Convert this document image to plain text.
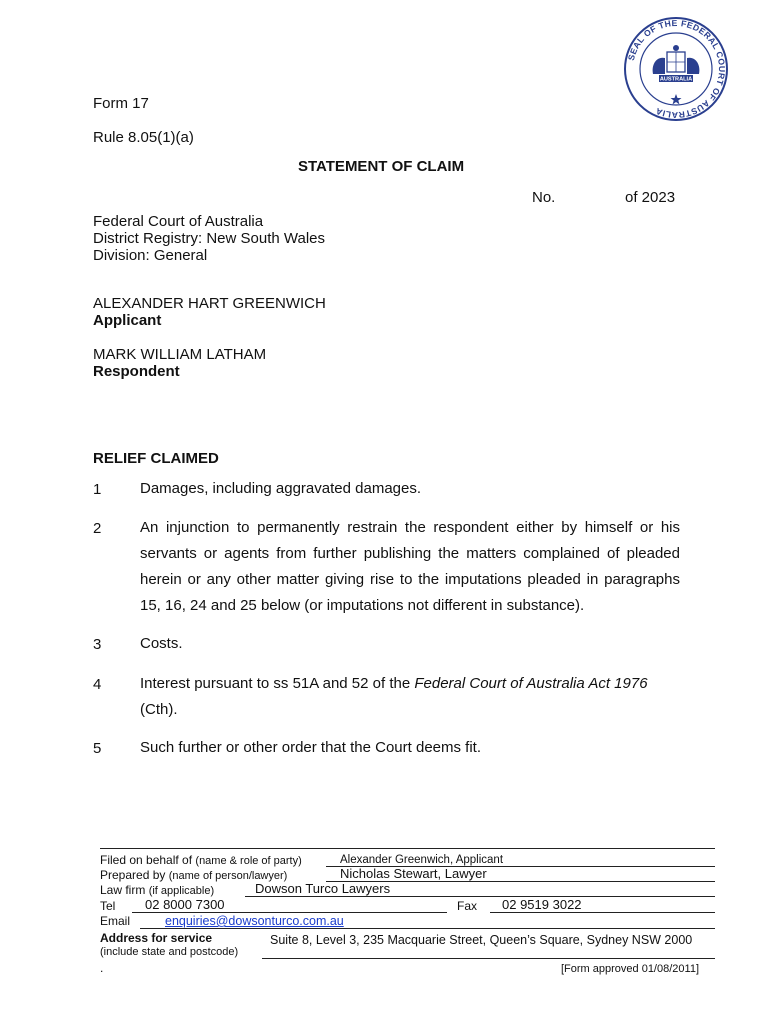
SEAL OF THE FEDERAL COURT OF AUSTRALIA
AUSTRALIA
Form 17
Rule 8.05(1)(a)
STATEMENT OF CLAIM
No.	of 2023
Federal Court of Australia
District Registry: New South Wales
Division: General
ALEXANDER HART GREENWICH
Applicant
MARK WILLIAM LATHAM
Respondent
RELIEF CLAIMED
1	Damages, including aggravated damages.
2	An injunction to permanently restrain the respondent either by himself or his
servants or agents from further publishing the matters complained of pleaded
herein or any other matter giving rise to the imputations pleaded in paragraphs
15, 16, 24 and 25 below (or imputations not different in substance).
3	Costs.
4	Interest pursuant to ss 51A and 52 of the Federal Court of Australia Act 1976
(Cth).
5	Such further or other order that the Court deems fit.
Filed on behalf of (name & role of party)	Alexander Greenwich, Applicant
Prepared by (name of person/lawyer)	Nicholas Stewart, Lawyer
Law firm (if applicable)	Dowson Turco Lawyers
Tel 02 8000 7300	Fax 02 9519 3022
Email	enquiries@dowsonturco.com.au
Address for service	Suite 8, Level 3, 235 Macquarie Street, Queen’s Square, Sydney NSW 2000
(include state and postcode)
.	[Form approved 01/08/2011]
